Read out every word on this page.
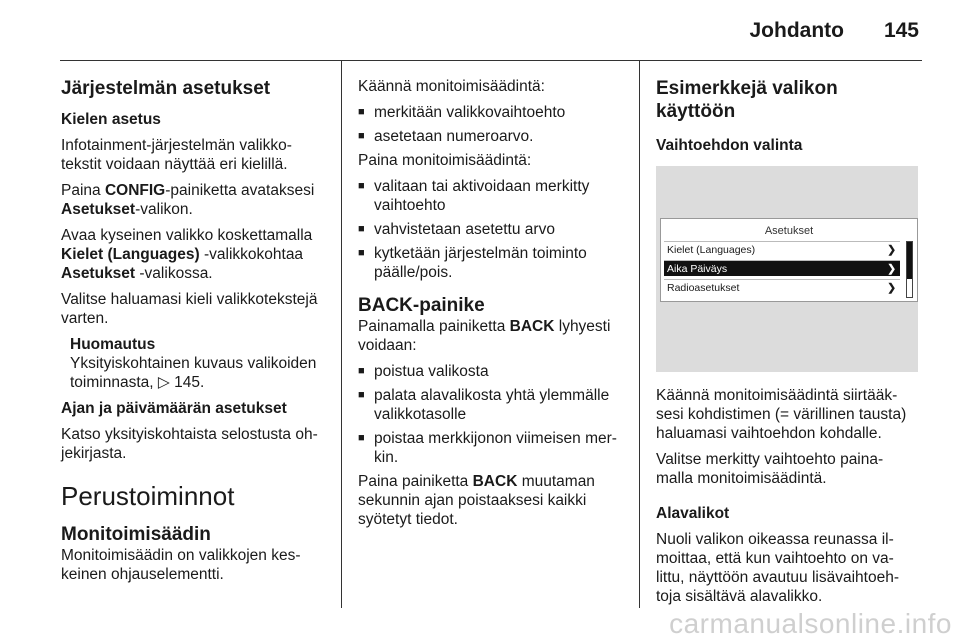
Johdanto 145
Järjestelmän asetukset

Kielen asetus

Infotainment-järjestelmän valikko-tekstit voidaan näyttää eri kielillä.

Paina CONFIG-painiketta avataksesi Asetukset-valikon.

Avaa kyseinen valikko koskettamalla Kielet (Languages) -valikkokohtaa Asetukset -valikossa.

Valitse haluamasi kieli valikkotekstejä varten.

Huomautus

Yksityiskohtainen kuvaus valikoiden toiminnasta, ▷ 145.

Ajan ja päivämäärän asetukset

Katso yksityiskohtaista selostusta oh-jekirjasta.

Perustoiminnot
Monitoimisäädin

Monitoimisäädin on valikkojen kes-keinen ohjauselementti.

Käännä monitoimisäädintä:

■ merkitään valikkovaihtoehto
■ asetetaan numeroarvo.

Paina monitoimisäädintä:

■ valitaan tai aktivoidaan merkitty vaihtoehto
■ vahvistetaan asetettu arvo
■ kytketään järjestelmän toiminto päälle/pois.
BACK-painike

Painamalla painiketta BACK lyhyesti voidaan:

■ poistua valikosta
■ palata alavalikosta yhtä ylemmälle valikkotasolle
■ poistaa merkkijonon viimeisen mer-kin.

Paina painiketta BACK muutaman sekunnin ajan poistaaksesi kaikki syötetyt tiedot.

Esimerkkejä valikon käyttöön

Vaihtoehdon valinta

Asetukset
Kielet (Languages)	❯
Aika Päiväys	❯
Radioasetukset	❯

Käännä monitoimisäädintä siirtääk-sesi kohdistimen (= värillinen tausta) haluamasi vaihtoehdon kohdalle.

Valitse merkitty vaihtoehto paina-malla monitoimisäädintä.

Alavalikot

Nuoli valikon oikeassa reunassa il-moittaa, että kun vaihtoehto on va-littu, näyttöön avautuu lisävaihtoeh-toja sisältävä alavalikko.

carmanualsonline.info
